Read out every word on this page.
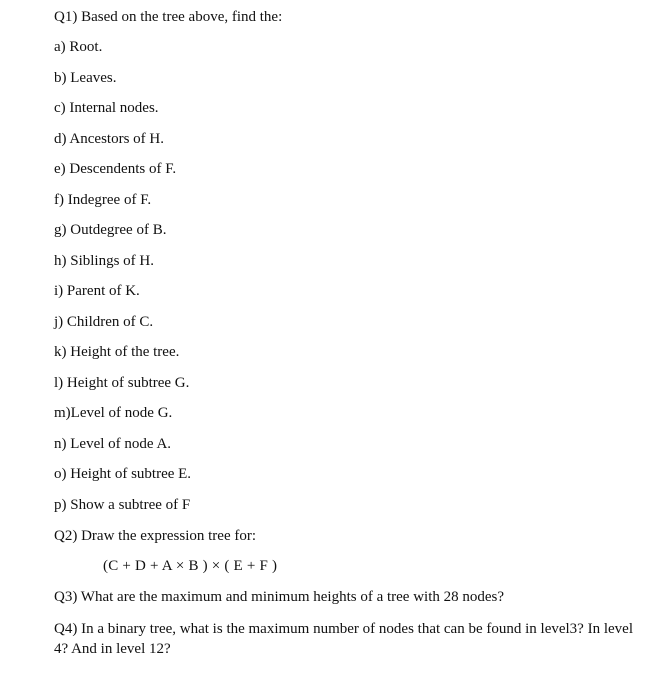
Q1) Based on the tree above, find the:
a) Root.
b) Leaves.
c) Internal nodes.
d) Ancestors of H.
e) Descendents of F.
f) Indegree of F.
g) Outdegree of B.
h) Siblings of H.
i) Parent of K.
j) Children of C.
k) Height of the tree.
l) Height of subtree G.
m)Level of node G.
n) Level of node A.
o) Height of subtree E.
p) Show a subtree of F
Q2) Draw the expression tree for:
(C + D + A × B ) × ( E + F )
Q3) What are the maximum and minimum heights of a tree with 28 nodes?
Q4) In a binary tree, what is the maximum number of nodes that can be found in level3? In level 4? And in level 12?
